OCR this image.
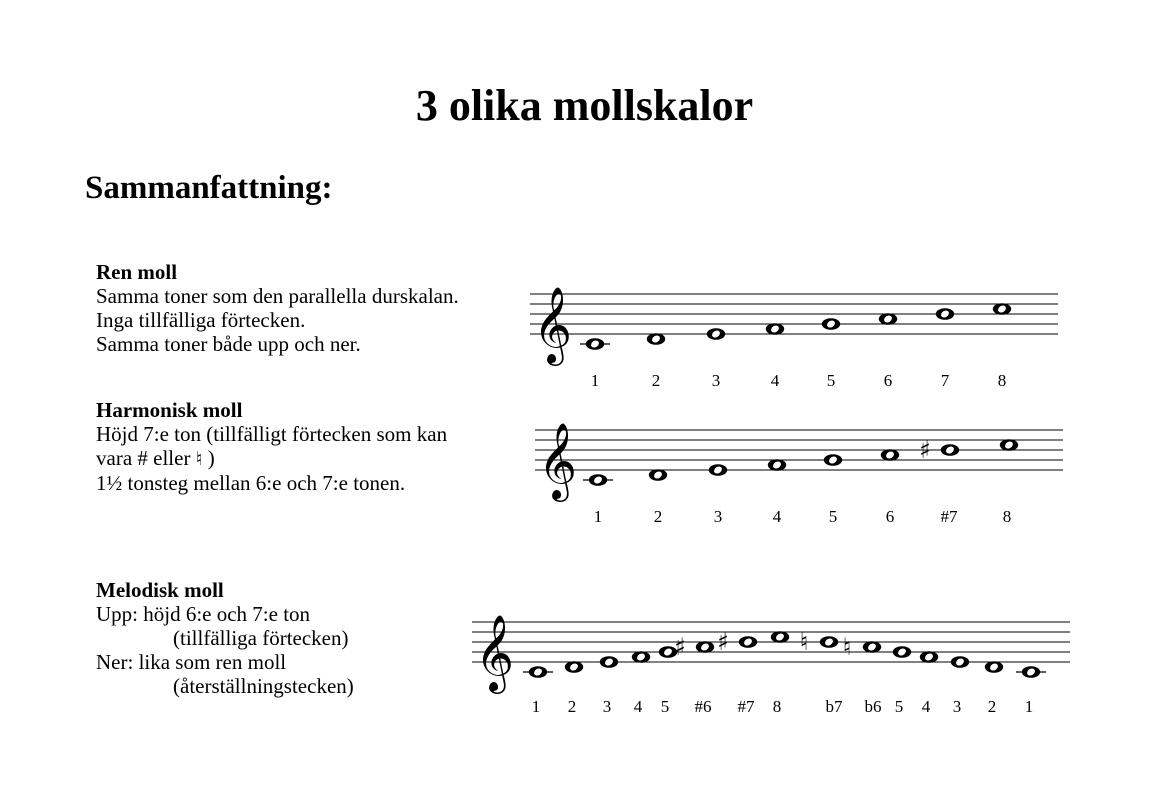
3 olika mollskalor
Sammanfattning:
Ren moll
Samma toner som den parallella durskalan.
Inga tillfälliga förtecken.
Samma toner både upp och ner.
Harmonisk moll
Höjd 7:e ton (tillfälligt förtecken som kan
vara # eller ♮ )
1½ tonsteg mellan 6:e och 7:e tonen.
Melodisk moll
Upp: höjd 6:e och 7:e ton
(tillfälliga förtecken)
Ner: lika som ren moll
(återställningstecken)
𝄞
1	2	3	4	5	6	7	8
𝄞	♯
1	2	3	4	5	6	#7	8
𝄞	♯ ♯	♮ ♮
1 2 3 4 5 #6 #7 8	b7 b6 5 4 3 2 1
